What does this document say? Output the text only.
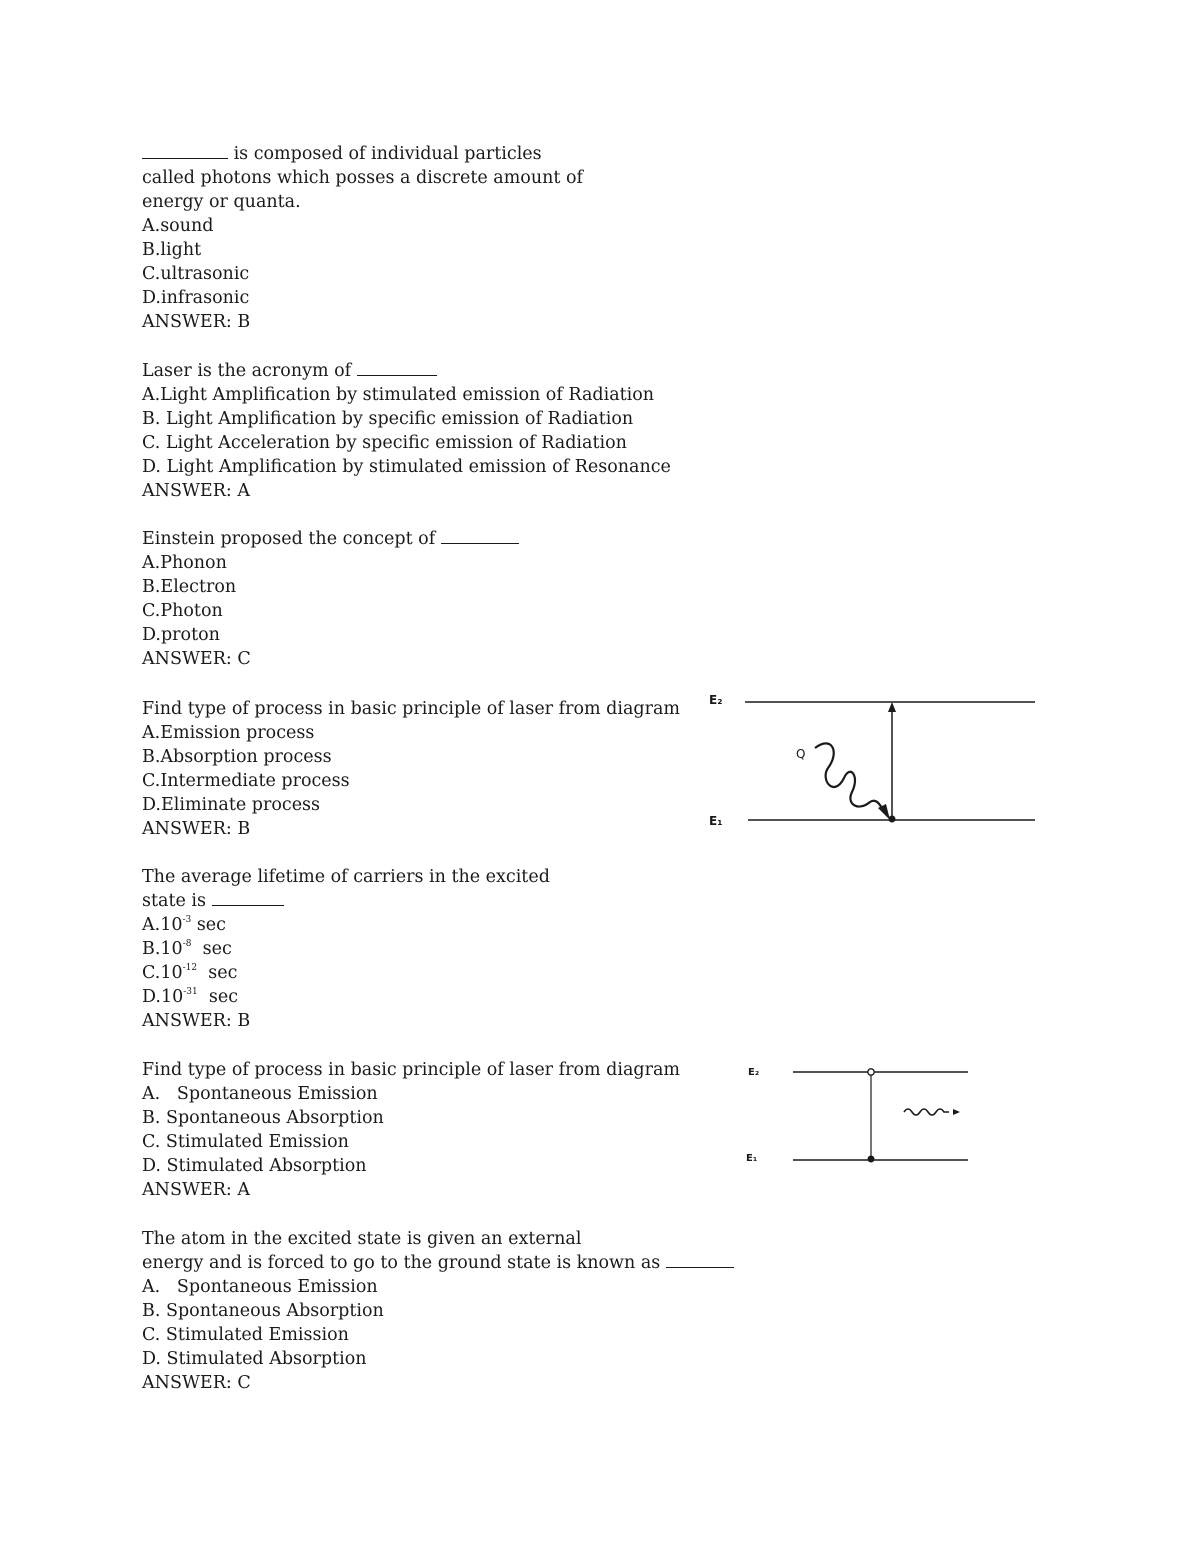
is composed of individual particles
called photons which posses a discrete amount of
energy or quanta.
A.sound
B.light
C.ultrasonic
D.infrasonic
ANSWER: B
Laser is the acronym of
A.Light Amplification by stimulated emission of Radiation
B. Light Amplification by specific emission of Radiation
C. Light Acceleration by specific emission of Radiation
D. Light Amplification by stimulated emission of Resonance
ANSWER: A
Einstein proposed the concept of
A.Phonon
B.Electron
C.Photon
D.proton
ANSWER: C
Find type of process in basic principle of laser from diagram
A.Emission process
B.Absorption process
C.Intermediate process
D.Eliminate process
ANSWER: B
E₂
E₁
Q
The average lifetime of carriers in the excited
state is
$A.10^{-3}$ sec
$B.10^{-8}$  sec
$C.10^{-12}$  sec
$D.10^{-31}$  sec
ANSWER: B
Find type of process in basic principle of laser from diagram
A.   Spontaneous Emission
B. Spontaneous Absorption
C. Stimulated Emission
D. Stimulated Absorption
ANSWER: A
E₂
E₁
The atom in the excited state is given an external
energy and is forced to go to the ground state is known as
A.   Spontaneous Emission
B. Spontaneous Absorption
C. Stimulated Emission
D. Stimulated Absorption
ANSWER: C
